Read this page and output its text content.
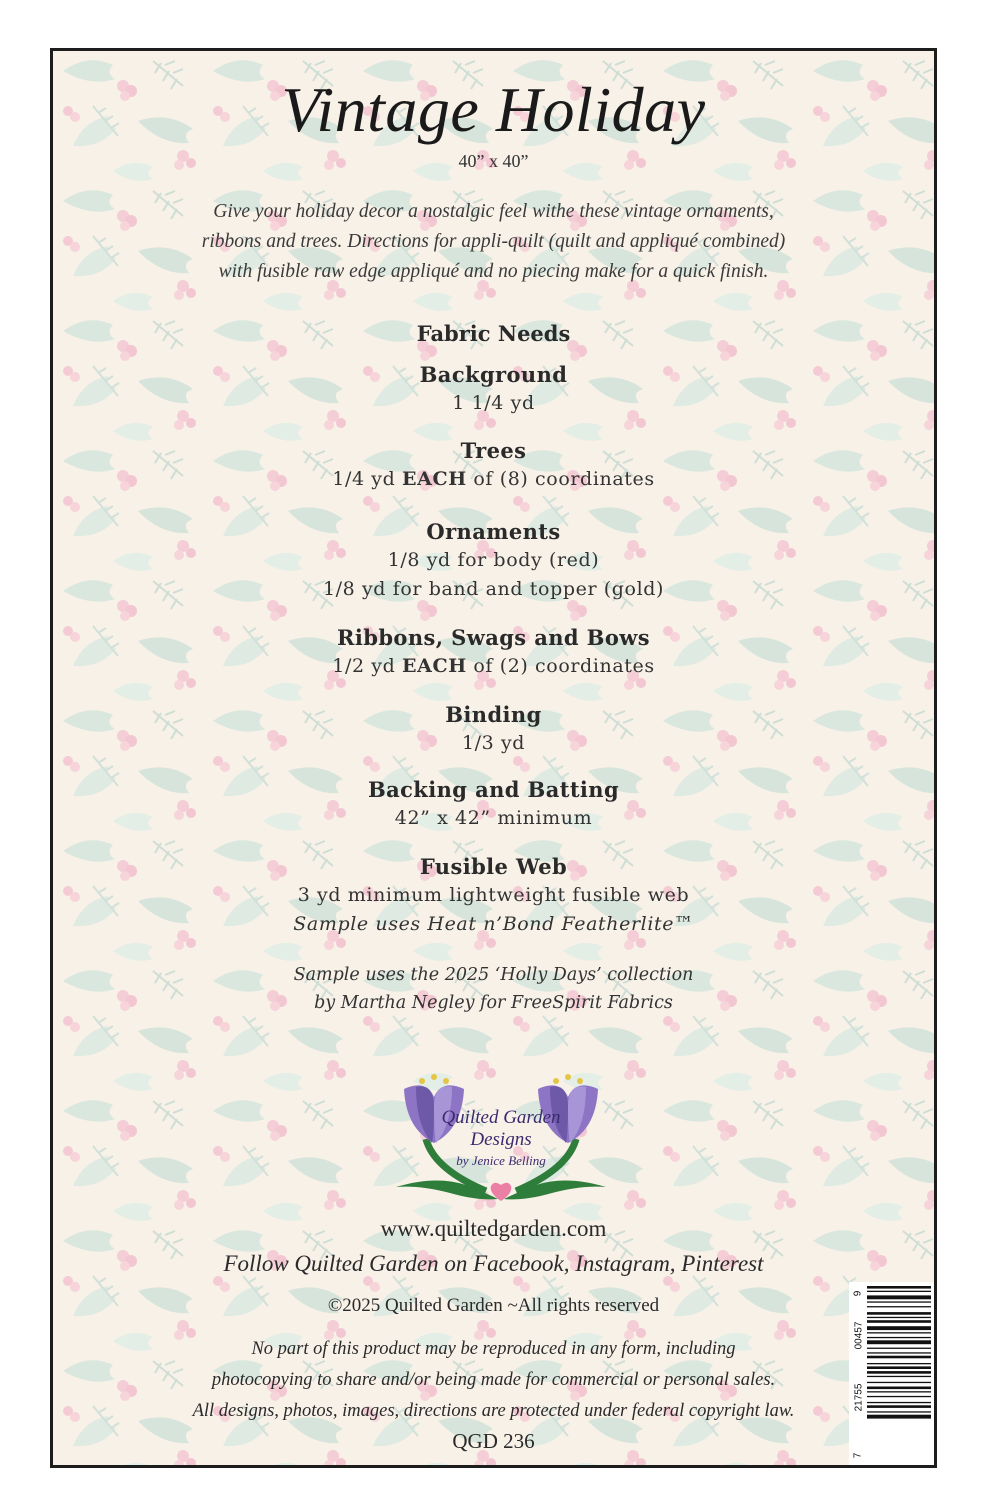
Vintage Holiday
40” x 40”
Give your holiday decor a nostalgic feel withe these vintage ornaments,
ribbons and trees. Directions for appli-quilt (quilt and appliqué combined)
with fusible raw edge appliqué and no piecing make for a quick finish.
Fabric Needs
Background
1 1/4 yd
Trees
1/4 yd EACH of (8) coordinates
Ornaments
1/8 yd for body (red)
1/8 yd for band and topper (gold)
Ribbons, Swags and Bows
1/2 yd EACH of (2) coordinates
Binding
1/3 yd
Backing and Batting
42” x 42” minimum
Fusible Web
3 yd minimum lightweight fusible web
Sample uses Heat n’Bond Featherlite™
Sample uses the 2025 ‘Holly Days’ collection
by Martha Negley for FreeSpirit Fabrics
Quilted Garden
Designs
by Jenice Belling
www.quiltedgarden.com
Follow Quilted Garden on Facebook, Instagram, Pinterest
©2025 Quilted Garden ~All rights reserved
No part of this product may be reproduced in any form, including
photocopying to share and/or being made for commercial or personal sales.
All designs, photos, images, directions are protected under federal copyright law.
QGD 236
7
21755
00457
9
